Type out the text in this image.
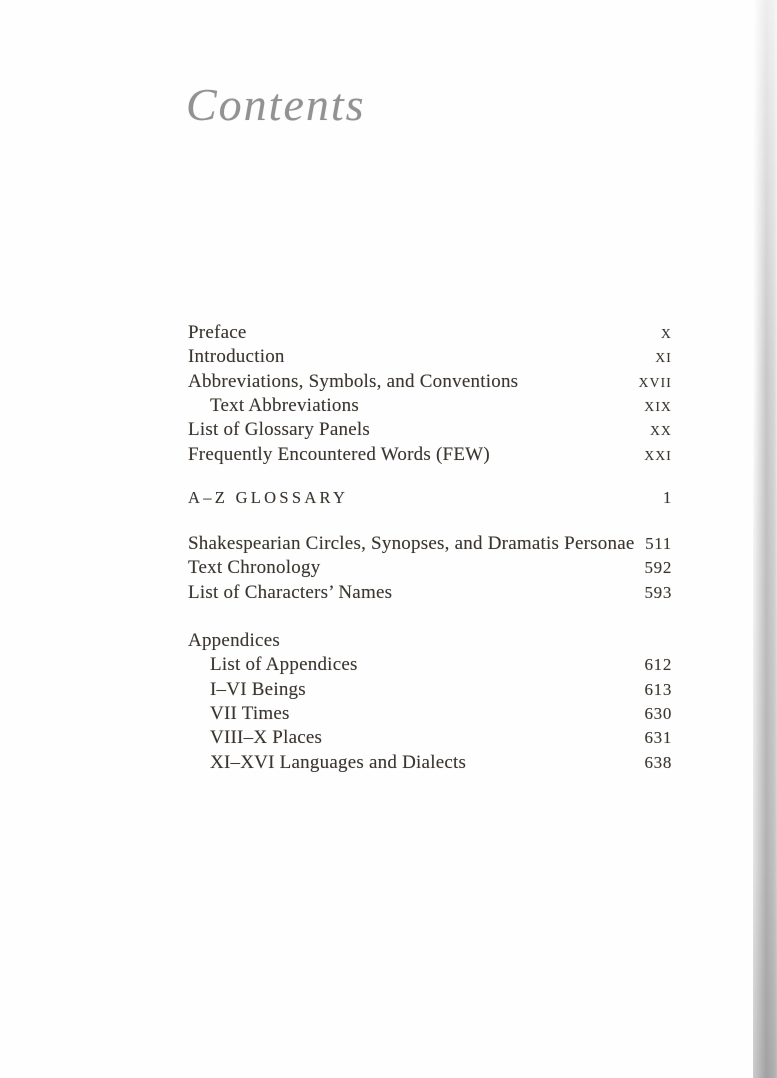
Contents
Preface	X
Introduction	XI
Abbreviations, Symbols, and Conventions	XVII
Text Abbreviations	XIX
List of Glossary Panels	XX
Frequently Encountered Words (FEW)	XXI
A–Z GLOSSARY	1
Shakespearian Circles, Synopses, and Dramatis Personae 511
Text Chronology	592
List of Characters’ Names	593
Appendices
List of Appendices	612
I–VI Beings	613
VII Times	630
VIII–X Places	631
XI–XVI Languages and Dialects	638
